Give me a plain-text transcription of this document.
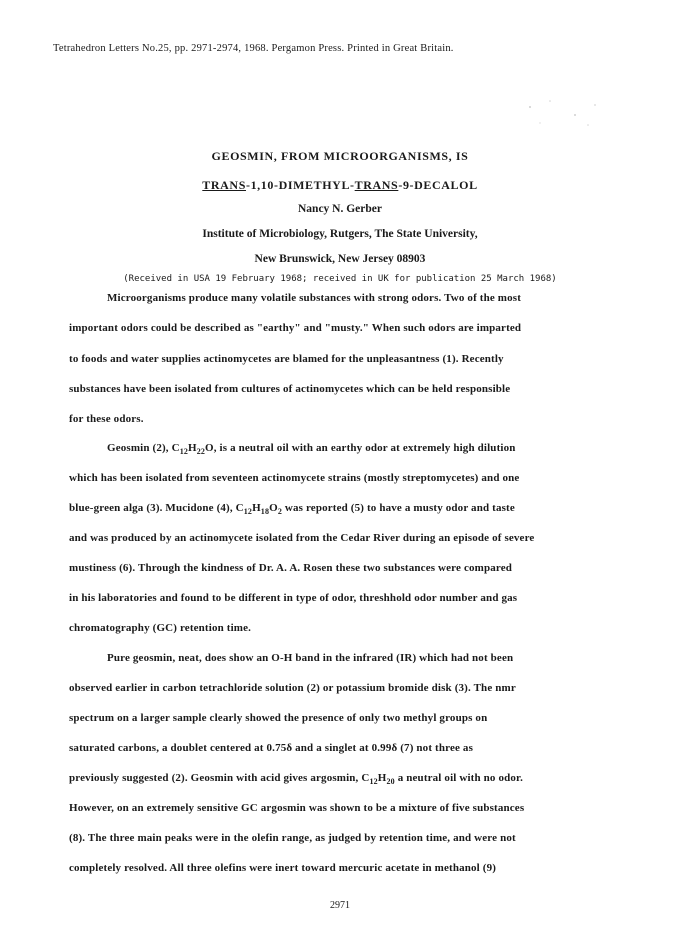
Tetrahedron Letters No.25, pp. 2971-2974, 1968. Pergamon Press. Printed in Great Britain.
GEOSMIN, FROM MICROORGANISMS, IS
TRANS-1,10-DIMETHYL-TRANS-9-DECALOL
Nancy N. Gerber
Institute of Microbiology, Rutgers, The State University,
New Brunswick, New Jersey 08903
(Received in USA 19 February 1968; received in UK for publication 25 March 1968)
Microorganisms produce many volatile substances with strong odors. Two of the most
important odors could be described as "earthy" and "musty." When such odors are imparted
to foods and water supplies actinomycetes are blamed for the unpleasantness (1). Recently
substances have been isolated from cultures of actinomycetes which can be held responsible
for these odors.
Geosmin (2), $C_{12}H_{22}O$, is a neutral oil with an earthy odor at extremely high dilution
which has been isolated from seventeen actinomycete strains (mostly streptomycetes) and one
blue-green alga (3). Mucidone (4), $C_{12}H_{18}O_2$ was reported (5) to have a musty odor and taste
and was produced by an actinomycete isolated from the Cedar River during an episode of severe
mustiness (6). Through the kindness of Dr. A. A. Rosen these two substances were compared
in his laboratories and found to be different in type of odor, threshhold odor number and gas
chromatography (GC) retention time.
Pure geosmin, neat, does show an O-H band in the infrared (IR) which had not been
observed earlier in carbon tetrachloride solution (2) or potassium bromide disk (3). The nmr
spectrum on a larger sample clearly showed the presence of only two methyl groups on
saturated carbons, a doublet centered at 0.75δ and a singlet at 0.99δ (7) not three as
previously suggested (2). Geosmin with acid gives argosmin, $C_{12}H_{20}$ a neutral oil with no odor.
However, on an extremely sensitive GC argosmin was shown to be a mixture of five substances
(8). The three main peaks were in the olefin range, as judged by retention time, and were not
completely resolved. All three olefins were inert toward mercuric acetate in methanol (9)
2971
